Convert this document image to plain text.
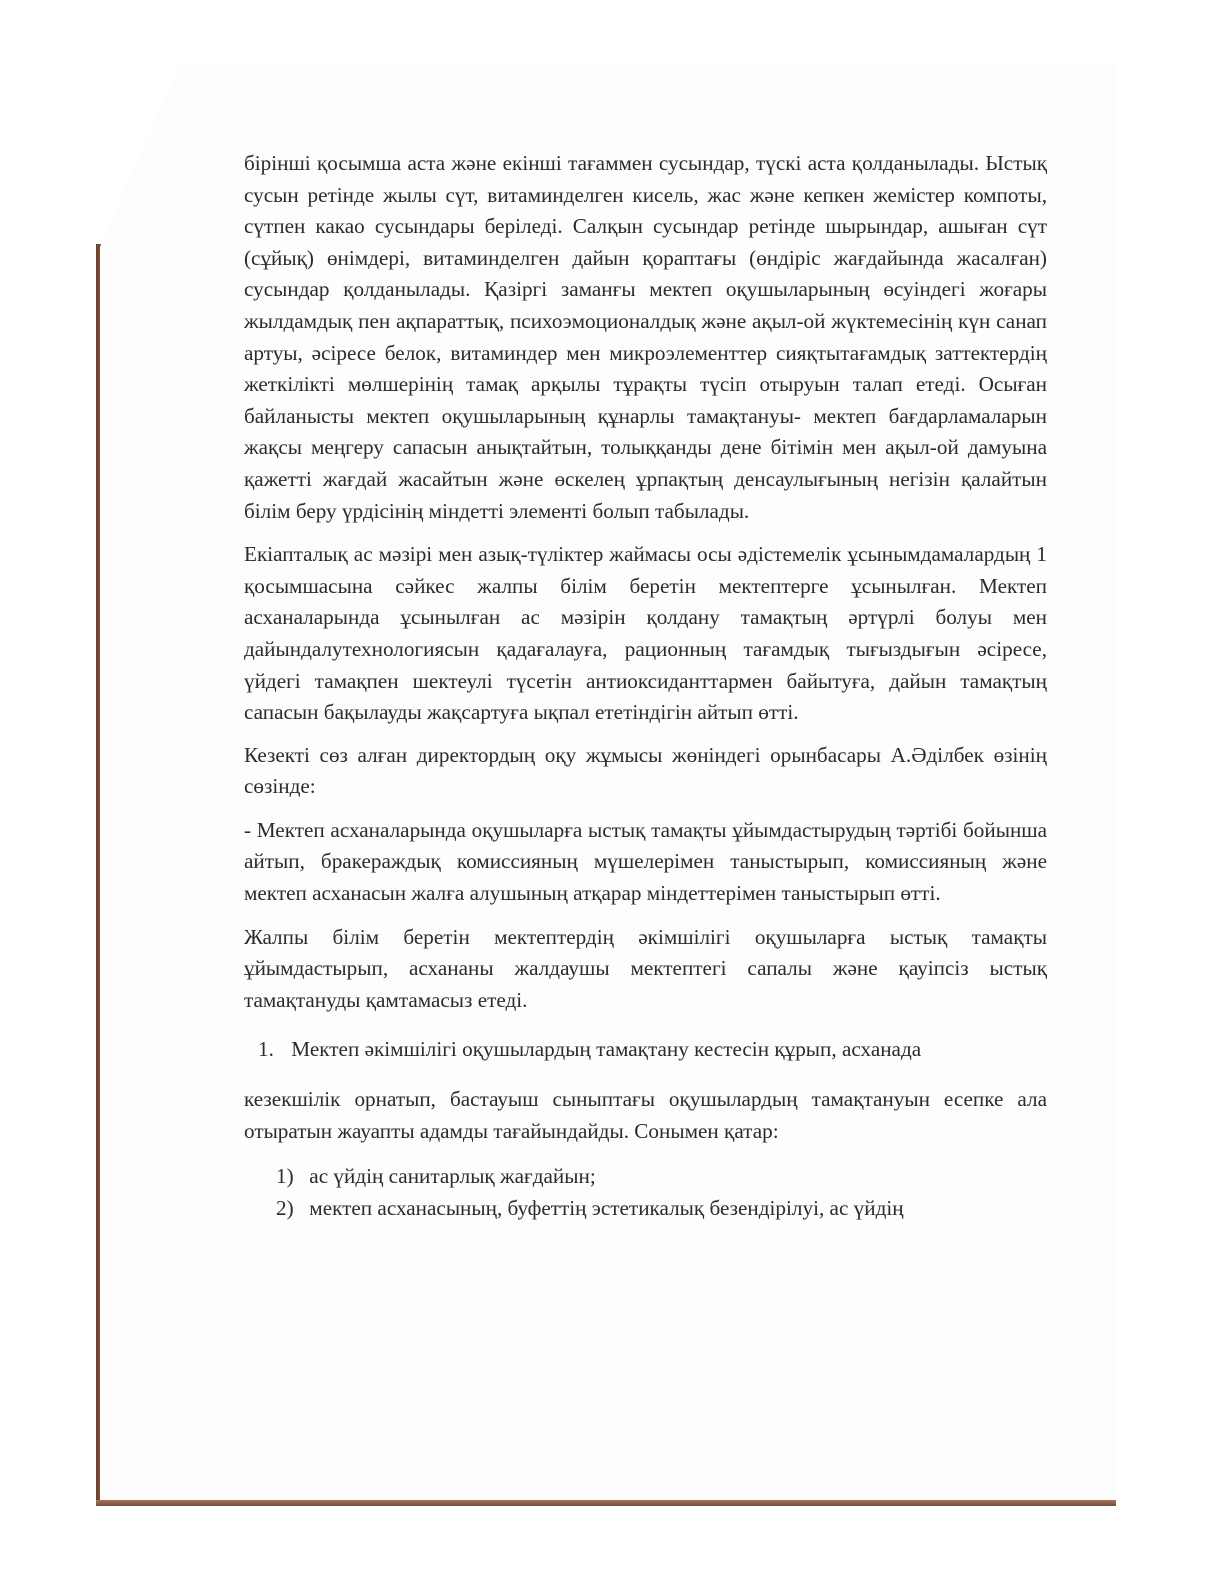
бірінші қосымша аста және екінші тағаммен сусындар, түскі аста қолданылады. Ыстық сусын ретінде жылы сүт, витаминделген кисель, жас және кепкен жемістер компоты, сүтпен какао сусындары беріледі. Салқын сусындар ретінде шырындар, ашыған сүт (сұйық) өнімдері, витаминделген дайын қораптағы (өндіріс жағдайында жасалған) сусындар қолданылады. Қазіргі заманғы мектеп оқушыларының өсуіндегі жоғары жылдамдық пен ақпараттық, психоэмоционалдық және ақыл-ой жүктемесінің күн санап артуы, әсіресе белок, витаминдер мен микроэлементтер сияқтытағамдық заттектердің жеткілікті мөлшерінің тамақ арқылы тұрақты түсіп отыруын талап етеді. Осыған байланысты мектеп оқушыларының құнарлы тамақтануы- мектеп бағдарламаларын жақсы меңгеру сапасын анықтайтын, толыққанды дене бітімін мен ақыл-ой дамуына қажетті жағдай жасайтын және өскелең ұрпақтың денсаулығының негізін қалайтын білім беру үрдісінің міндетті элементі болып табылады.

Екіапталық ас мәзірі мен азық-түліктер жаймасы осы әдістемелік ұсынымдамалардың 1 қосымшасына сәйкес жалпы білім беретін мектептерге ұсынылған. Мектеп асханаларында ұсынылған ас мәзірін қолдану тамақтың әртүрлі болуы мен дайындалутехнологиясын қадағалауға, рационның тағамдық тығыздығын әсіресе, үйдегі тамақпен шектеулі түсетін антиоксиданттармен байытуға, дайын тамақтың сапасын бақылауды жақсартуға ықпал ететіндігін айтып өтті.

Кезекті сөз алған директордың оқу жұмысы жөніндегі орынбасары А.Әділбек өзінің сөзінде:

- Мектеп асханаларында оқушыларға ыстық тамақты ұйымдастырудың тәртібі бойынша айтып, бракераждық комиссияның мүшелерімен таныстырып, комиссияның және мектеп асханасын жалға алушының атқарар міндеттерімен таныстырып өтті.

Жалпы білім беретін мектептердің әкімшілігі оқушыларға ыстық тамақты ұйымдастырып, асхананы жалдаушы мектептегі сапалы және қауіпсіз ыстық тамақтануды қамтамасыз етеді.

1. Мектеп әкімшілігі оқушылардың тамақтану кестесін құрып, асханада

кезекшілік орнатып, бастауыш сыныптағы оқушылардың тамақтануын есепке ала отыратын жауапты адамды тағайындайды. Сонымен қатар:

1) ас үйдің санитарлық жағдайын;
2) мектеп асханасының, буфеттің эстетикалық безендірілуі, ас үйдің
